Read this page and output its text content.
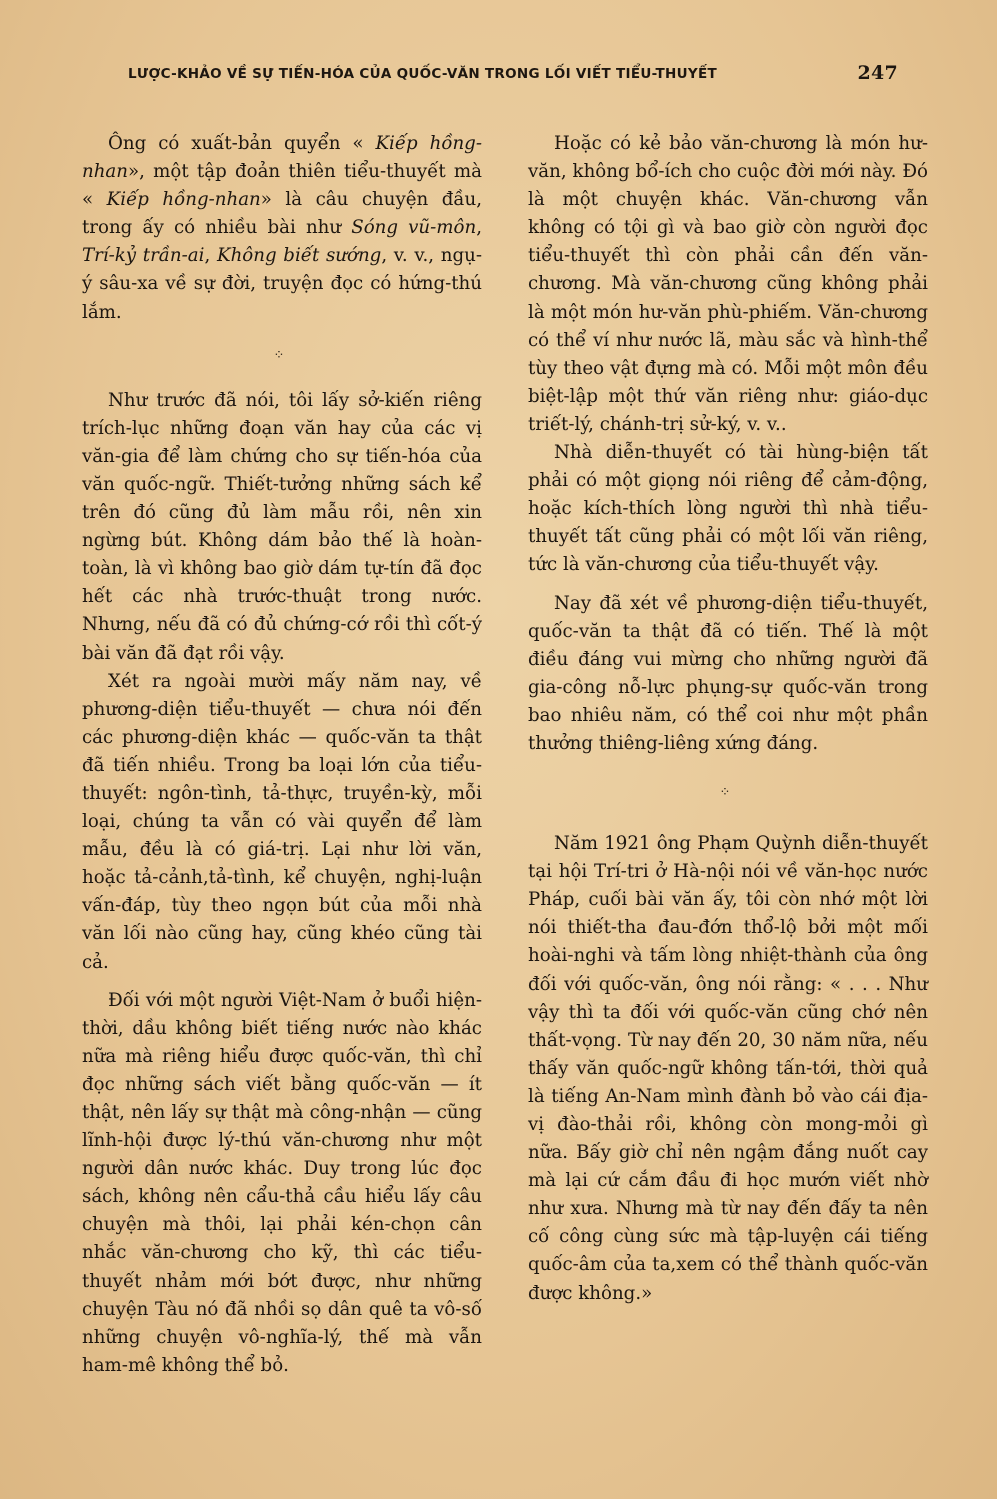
LƯỢC-KHẢO VỀ SỰ TIẾN-HÓA CỦA QUỐC-VĂN TRONG LỐI VIẾT TIỂU-THUYẾT	247

Ông có xuất-bản quyển « Kiếp hồng-nhan», một tập đoản thiên tiểu-thuyết mà « Kiếp hồng-nhan» là câu chuyện đầu, trong ấy có nhiều bài như Sóng vũ-môn, Trí-kỷ trần-ai, Không biết sướng, v. v., ngụ-ý sâu-xa về sự đời, truyện đọc có hứng-thú lắm.

⁘

Như trước đã nói, tôi lấy sở-kiến riêng trích-lục những đoạn văn hay của các vị văn-gia để làm chứng cho sự tiến-hóa của văn quốc-ngữ. Thiết-tưởng những sách kể trên đó cũng đủ làm mẫu rồi, nên xin ngừng bút. Không dám bảo thế là hoàn-toàn, là vì không bao giờ dám tự-tín đã đọc hết các nhà trước-thuật trong nước. Nhưng, nếu đã có đủ chứng-cớ rồi thì cốt-ý bài văn đã đạt rồi vậy.

Xét ra ngoài mười mấy năm nay, về phương-diện tiểu-thuyết — chưa nói đến các phương-diện khác — quốc-văn ta thật đã tiến nhiều. Trong ba loại lớn của tiểu-thuyết: ngôn-tình, tả-thực, truyền-kỳ, mỗi loại, chúng ta vẫn có vài quyển để làm mẫu, đều là có giá-trị. Lại như lời văn, hoặc tả-cảnh,tả-tình, kể chuyện, nghị-luận vấn-đáp, tùy theo ngọn bút của mỗi nhà văn lối nào cũng hay, cũng khéo cũng tài cả.

Đối với một người Việt-Nam ở buổi hiện-thời, dầu không biết tiếng nước nào khác nữa mà riêng hiểu được quốc-văn, thì chỉ đọc những sách viết bằng quốc-văn — ít thật, nên lấy sự thật mà công-nhận — cũng lĩnh-hội được lý-thú văn-chương như một người dân nước khác. Duy trong lúc đọc sách, không nên cẩu-thả cầu hiểu lấy câu chuyện mà thôi, lại phải kén-chọn cân nhắc văn-chương cho kỹ, thì các tiểu-thuyết nhảm mới bớt được, như những chuyện Tàu nó đã nhồi sọ dân quê ta vô-số những chuyện vô-nghĩa-lý, thế mà vẫn ham-mê không thể bỏ.

Hoặc có kẻ bảo văn-chương là món hư-văn, không bổ-ích cho cuộc đời mới này. Đó là một chuyện khác. Văn-chương vẫn không có tội gì và bao giờ còn người đọc tiểu-thuyết thì còn phải cần đến văn-chương. Mà văn-chương cũng không phải là một món hư-văn phù-phiếm. Văn-chương có thể ví như nước lã, màu sắc và hình-thể tùy theo vật đựng mà có. Mỗi một môn đều biệt-lập một thứ văn riêng như: giáo-dục triết-lý, chánh-trị sử-ký, v. v..

Nhà diễn-thuyết có tài hùng-biện tất phải có một giọng nói riêng để cảm-động, hoặc kích-thích lòng người thì nhà tiểu-thuyết tất cũng phải có một lối văn riêng, tức là văn-chương của tiểu-thuyết vậy.

Nay đã xét về phương-diện tiểu-thuyết, quốc-văn ta thật đã có tiến. Thế là một điều đáng vui mừng cho những người đã gia-công nỗ-lực phụng-sự quốc-văn trong bao nhiêu năm, có thể coi như một phần thưởng thiêng-liêng xứng đáng.

⁘

Năm 1921 ông Phạm Quỳnh diễn-thuyết tại hội Trí-tri ở Hà-nội nói về văn-học nước Pháp, cuối bài văn ấy, tôi còn nhớ một lời nói thiết-tha đau-đớn thổ-lộ bởi một mối hoài-nghi và tấm lòng nhiệt-thành của ông đối với quốc-văn, ông nói rằng: « . . . Như vậy thì ta đối với quốc-văn cũng chớ nên thất-vọng. Từ nay đến 20, 30 năm nữa, nếu thấy văn quốc-ngữ không tấn-tới, thời quả là tiếng An-Nam mình đành bỏ vào cái địa-vị đào-thải rồi, không còn mong-mỏi gì nữa. Bấy giờ chỉ nên ngậm đắng nuốt cay mà lại cứ cắm đầu đi học mướn viết nhờ như xưa. Nhưng mà từ nay đến đấy ta nên cố công cùng sức mà tập-luyện cái tiếng quốc-âm của ta,xem có thể thành quốc-văn được không.»
